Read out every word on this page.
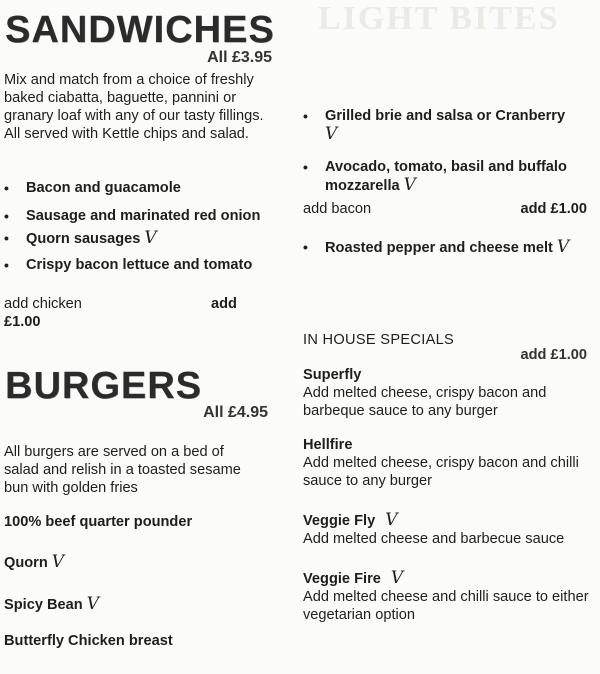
LIGHT BITES
SANDWICHES
All £3.95
Mix and match from a choice of freshly baked ciabatta, baguette, pannini or granary loaf with any of our tasty fillings. All served with Kettle chips and salad.
• Bacon and guacamole
• Sausage and marinated red onion
• Quorn sausages V
• Crispy bacon lettuce and tomato
add chicken	add
£1.00
BURGERS
All £4.95
All burgers are served on a bed of salad and relish in a toasted sesame bun with golden fries
100% beef quarter pounder
Quorn V
Spicy Bean V
Butterfly Chicken breast
• Grilled brie and salsa or Cranberry
V
• Avocado, tomato, basil and buffalo mozzarella V
add bacon	add £1.00
• Roasted pepper and cheese melt V
IN HOUSE SPECIALS
add £1.00
Superfly
Add melted cheese, crispy bacon and barbeque sauce to any burger
Hellfire
Add melted cheese, crispy bacon and chilli sauce to any burger
Veggie Fly V
Add melted cheese and barbecue sauce
Veggie Fire V
Add melted cheese and chilli sauce to either vegetarian option
